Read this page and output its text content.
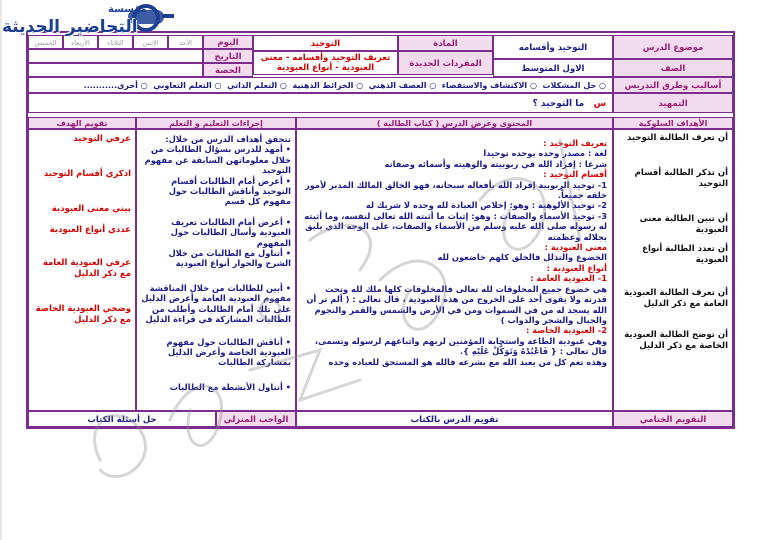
موضوع الدرس
التوحيد وأقسامه
المادة
التوحيد
اليوم
الأحد
الإثنين
الثلاثاء
الأربعاء
الخميس
المفردات الجديدة
تعريف التوحيد وأقسامه - معنى العبودية - أنواع العبودية
التاريخ
الحصة	الصف
الاول المتوسط
أساليب وطرق التدريس
○ حل المشكلات  ○ الاكتشاف والاستقصاء  ○ العصف الذهني  ○ الخرائط الذهنية  ○ التعلم الذاتي  ○ التعلم التعاوني  ○ أخرى...........
التمهيد
س   ما التوحيد ؟
الأهداف السلوكية
المحتوى وعرض الدرس ( كتاب الطالبة )
إجراءات التعليم و التعلم
تقويم الهدف

أن تعرف الطالبة التوحيد

أن تذكر الطالبة أقسام التوحيد

أن تبين الطالبة معنى العبودية

أن تعدد الطالبة أنواع العبودية

أن تعرف الطالبة العبودية العامة مع ذكر الدليل

أن توضح الطالبة العبودية الخاصة مع ذكر الدليل

تعريف التوحيد :

لغة : مصدر وحده يوحده توحيدا

شرعا : إفراد الله في ربوبيته والوهيته وأسمائه وصفاته

أقسام التوحيد :

1- توحيد الربوبية إفراد الله بأفعاله سبحانه، فهو الخالق المالك المدبر لأمور خلقه جميعاً.

2- توحيد الألوهية : وهو: إخلاص العبادة لله وحده لا شريك له

3- توحيد الأسماء والصفات : وهو: إثبات ما أثبته الله تعالى لنفسه، وما أثبته له رسوله صلى الله عليه وسلم من الأسماء والصفات، على الوجه الذي يليق بجلاله وعظمته

معنى العبودية :

الخضوع والتذلل فالخلق كلهم خاضعون لله

أنواع العبودية :

1- العبودية العامة :

هي خضوع جميع المخلوقات لله تعالى فالمخلوقات كلها ملك لله وتحت قدرته ولا يقوى أحد على الخروج من هذه العبودية ، قال تعالى : ( ألم تر أن الله يسجد له من في السموات ومن في الأرض والشمس والقمر والنجوم والجبال والشجر والدواب )

2- العبودية الخاصة :

وهي عبودية الطاعة واستجابة المؤمنين لربهم واتباعهم لرسوله وتسمى، قال تعالى : { فَاعْبُدْهُ وَتَوَكَّلْ عَلَيْهِ }.

وهذه تعم كل من يعبد الله مع بشرعه فالله هو المستحق للعباده وحده

تتحقق أهداف الدرس من خلال:

• أمهد للدرس بسؤال الطالبات من خلال معلوماتهن السابقة عن مفهوم التوحيد

• أعرض أمام الطالبات أقسام التوحيد وأناقش الطالبات حول مفهوم كل قسم

• أعرض أمام الطالبات تعريف العبودية وأسال الطالبات حول المفهوم

• أتناول مع الطالبات من خلال الشرح والحوار أنواع العبودية

• أبين للطالبات من خلال المناقشة مفهوم العبودية العامة وأعرض الدليل على تلك أمام الطالبات وأطلب من الطالبات المشاركة في قراءة الدليل

• أناقش الطالبات حول مفهوم العبودية الخاصة وأعرض الدليل بمشاركة الطالبات

• أتناول الأنشطة مع الطالبات

عرفي التوحيد

اذكري أقسام التوحيد

بيني معنى العبودية

عددي أنواع العبودية

عرفي العبودية العامة مع ذكر الدليل

وضحي العبودية الخاصة مع ذكر الدليل

التقويم الختامي
تقويم الدرس بالكتاب
الواجب المنزلي
حل أسئلة الكتاب
مؤسسة
التحاضير الحديثة
